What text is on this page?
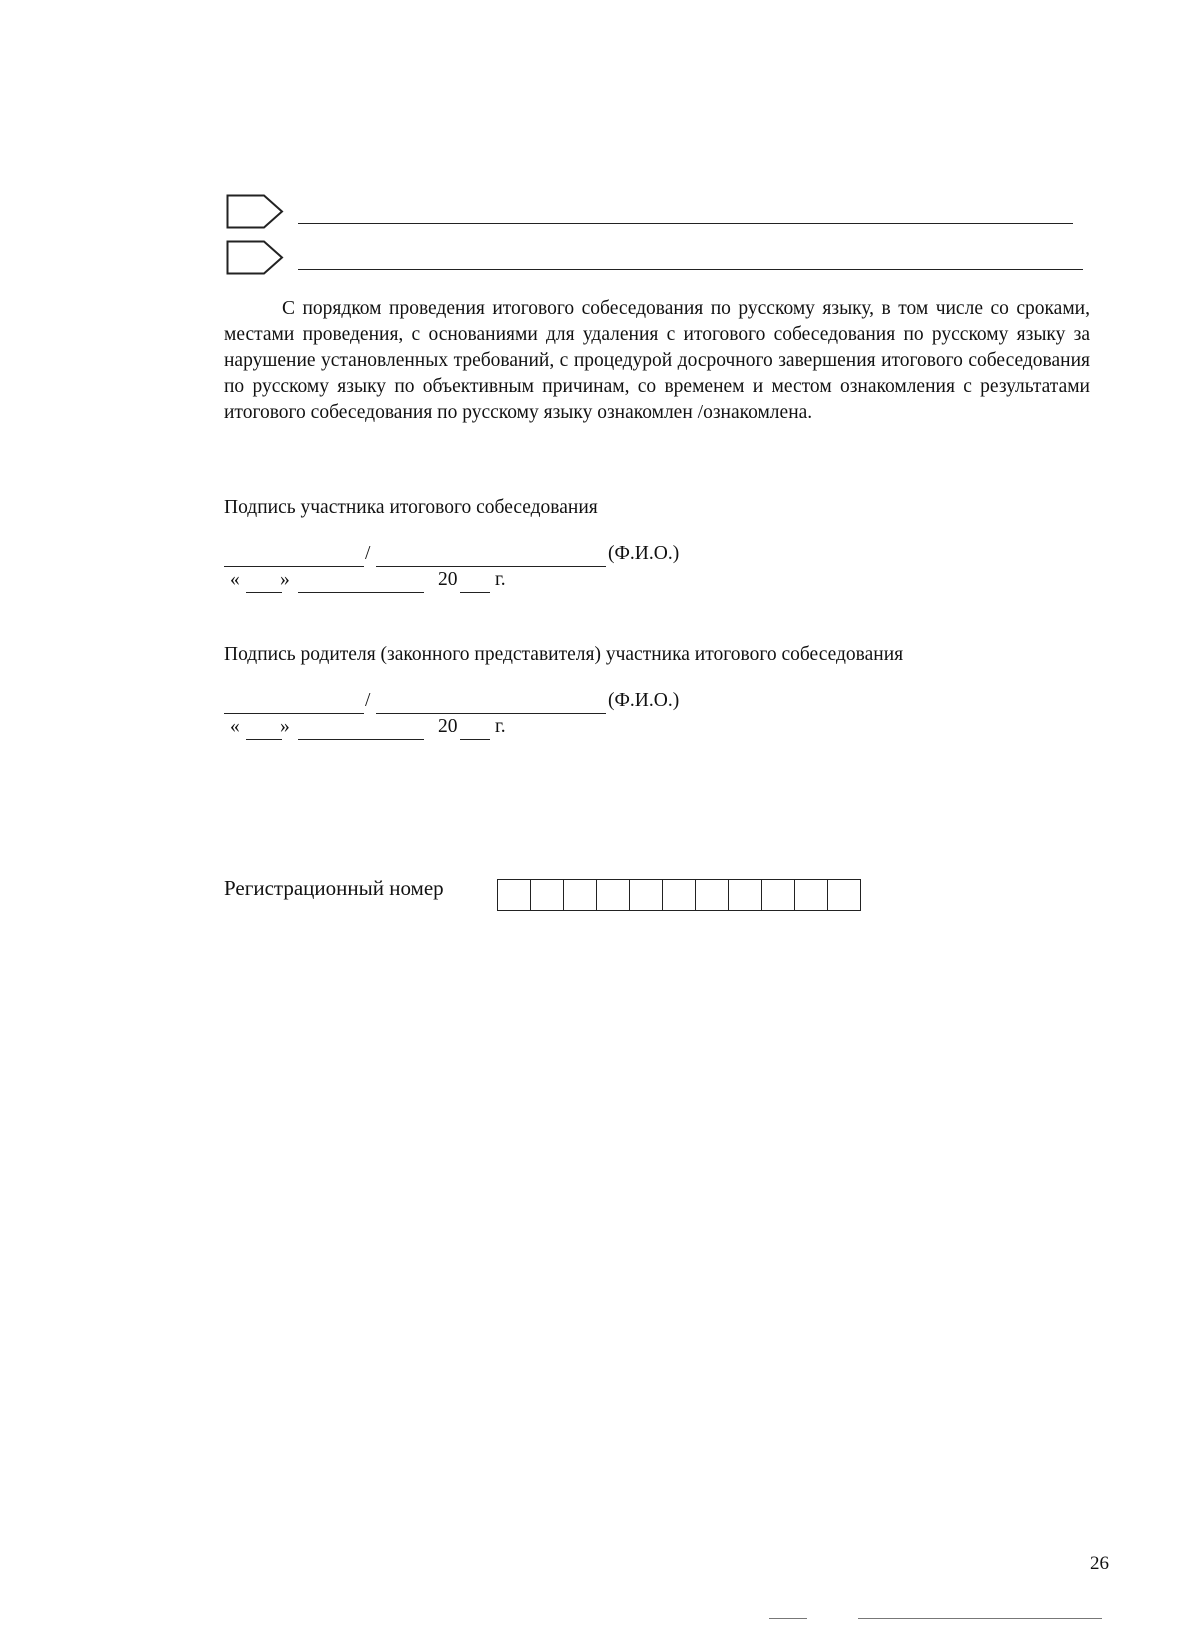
С порядком проведения итогового собеседования по русскому языку, в том числе со сроками, местами проведения, с основаниями для удаления с итогового собеседования по русскому языку за нарушение установленных требований, с процедурой досрочного завершения итогового собеседования по русскому языку по объективным причинам, со временем и местом ознакомления с результатами итогового собеседования по русскому языку ознакомлен /ознакомлена.

Подпись участника итогового собеседования
/	(Ф.И.О.)
« »	20 г.
Подпись родителя (законного представителя) участника итогового собеседования
/	(Ф.И.О.)
« »	20 г.
Регистрационный номер
26
